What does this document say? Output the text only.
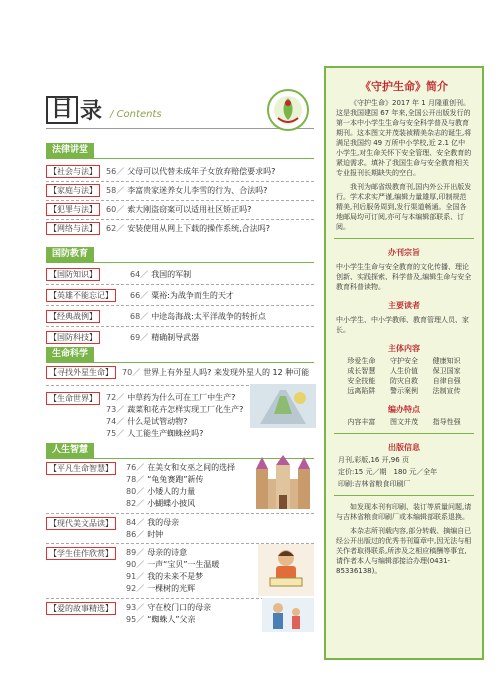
目 录 / Contents
法律讲堂
【社会与法】 56／ 父母可以代替未成年子女放弃赔偿要求吗?
【家庭与法】 58／ 李富贵家迷养女儿李雪的行为、合法吗?
【犯罪与法】 60／ 索大刚盗窃案可以适用社区矫正吗?
【网络与法】 62／ 安装使用从网上下载的操作系统,合法吗?
国防教育
【国防知识】	64／ 我国的军制
【英雄不能忘记】 66／ 粟裕:为战争而生的天才
【经典战例】	68／ 中途岛海战:太平洋战争的转折点
【国防科技】	69／ 精确制导武器
生命科学
【寻找外星生命】 70／ 世界上有外星人吗? 来发现外星人的 12 种可能
【生命世界】	72／ 中草药为什么可在工厂中生产?
73／ 蔬菜和花卉怎样实现工厂化生产?
74／ 什么是试管动物?
75／ 人工能生产蜘蛛丝吗?
人生智慧
【平凡生命智慧】	76／ 在美女和女巫之间的选择
78／ “龟兔赛跑”新传
80／ 小矮人的力量
82／ 小蝴蝶小披风
【现代美文品读】	84／ 我的母亲
86／ 时钟
【学生佳作欣赏】	89／ 母亲的诗意
90／ 一声“宝贝”一生温暖
91／ 我的未来不是梦
92／ 一棵树的光辉
【爱的故事精选】	93／ 守在校门口的母亲
95／ “蜘蛛人”父亲
《守护生命》简介

《守护生命》2017 年 1 月隆重创刊。这是我国建国 67 年来,全国公开出版发行的第一本中小学生生命与安全科学普及与教育期刊。这本图文并茂装祯精美杂志的诞生,将满足我国约 49 万所中小学校,近 2.1 亿中小学生,对生命关怀下安全管理、安全教育的紧迫需求。填补了我国生命与安全教育相关专业报刊长期缺失的空白。

我刊为邮省级教育刊,国内外公开出版发行。学术求实严谨,编辑力量雄厚,印制规范精美,刊后服务周到,发行渠道畅通。全国各地邮局均可订阅,亦可与本编辑部联系、订阅。

办刊宗旨

中小学生生命与安全教育的文化传播、理论创新、实践探索、科学普及,编辑生命与安全教育科普读物。

主要读者

中小学生、中小学教师、教育管理人员、家长。

主体内容
珍爱生命	守护安全	健康知识
成长智慧	人生价值	保卫国家
安全技能	防灾自救	自律自强
远离陷阱	警示案例	法制宣传
编办特点
内容丰富	图文并茂	指导性强
出版信息
月刊,彩版,16 开,96 页
定价:15 元／期　180 元／全年
印刷:吉林省粮食印刷厂

如发现本刊有印刷、装订等质量问题,请与吉林省粮食印刷厂或本编辑部联系退换。

本杂志所刊载内容,部分转载、摘编自已经公开出版过的优秀书刊篇章中,因无法与相关作者取得联系,所涉及之相应稿酬等事宜,请作者本人与编辑部接洽办理(0431-85336138)。
